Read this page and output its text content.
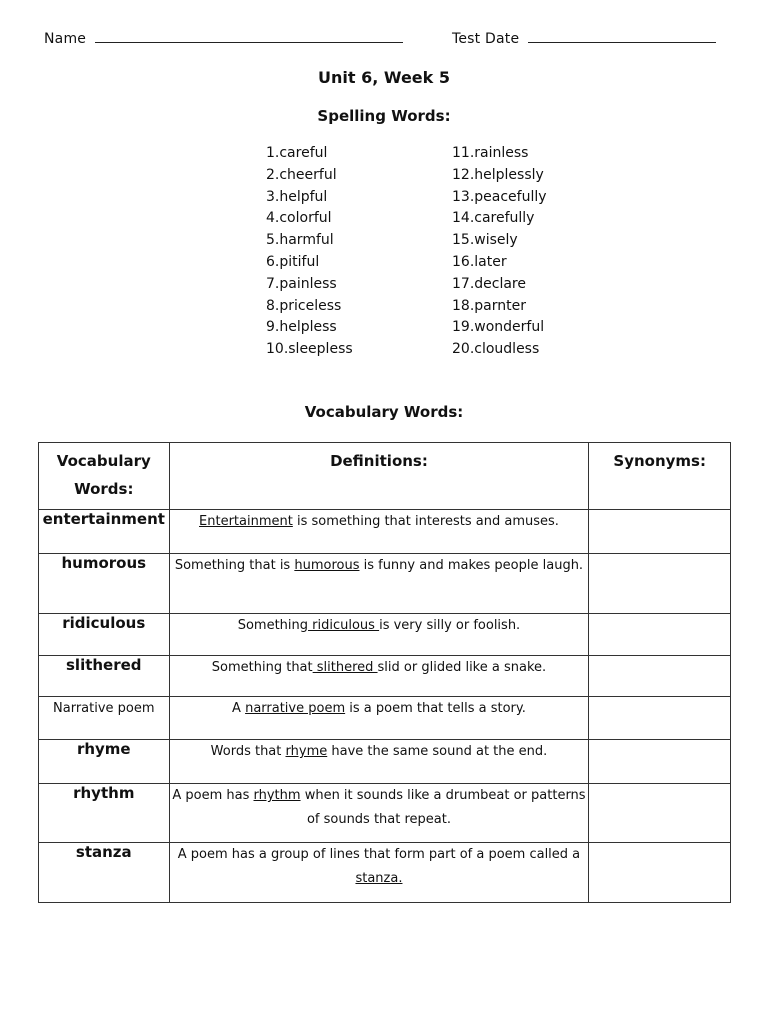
Name	Test Date
Unit 6, Week 5
Spelling Words:
1.careful
2.cheerful
3.helpful
4.colorful
5.harmful
6.pitiful
7.painless
8.priceless
9.helpless
10.sleepless
11.rainless
12.helplessly
13.peacefully
14.carefully
15.wisely
16.later
17.declare
18.parnter
19.wonderful
20.cloudless
Vocabulary Words:
Vocabulary Words:	Definitions:	Synonyms:

entertainment	Entertainment is something that interests and amuses.	
humorous	Something that is humorous is funny and makes people laugh.	
ridiculous	Something ridiculous is very silly or foolish.	
slithered	Something that slithered slid or glided like a snake.	
Narrative poem	A narrative poem is a poem that tells a story.	
rhyme	Words that rhyme have the same sound at the end.	
rhythm	A poem has rhythm when it sounds like a drumbeat or patterns of sounds that repeat.	
stanza	A poem has a group of lines that form part of a poem called a stanza.	
